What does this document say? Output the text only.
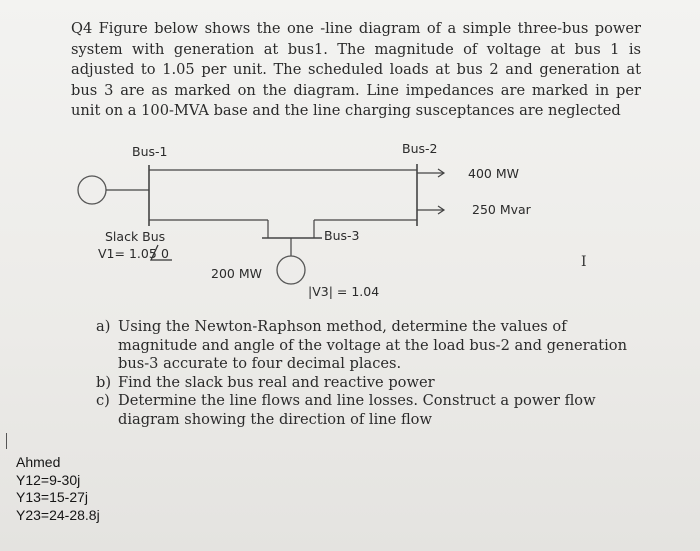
Q4 Figure below shows the one -line diagram of a simple three-bus power system with generation at bus1. The magnitude of voltage at bus 1 is adjusted to 1.05 per unit. The scheduled loads at bus 2 and generation at bus 3 are as marked on the diagram. Line impedances are marked in per unit on a 100-MVA base and the line charging susceptances are neglected

Bus-1	Bus-2
400 MW
250 Mvar
Bus-3
Slack Bus
V1= 1.05 0
200 MW
|V3| = 1.04
I
a) Using the Newton-Raphson method, determine the values of magnitude and angle of the voltage at the load bus-2 and generation bus-3 accurate to four decimal places.
b) Find the slack bus real and reactive power
c) Determine the line flows and line losses. Construct a power flow diagram showing the direction of line flow
Ahmed
Y12=9-30j
Y13=15-27j
Y23=24-28.8j
